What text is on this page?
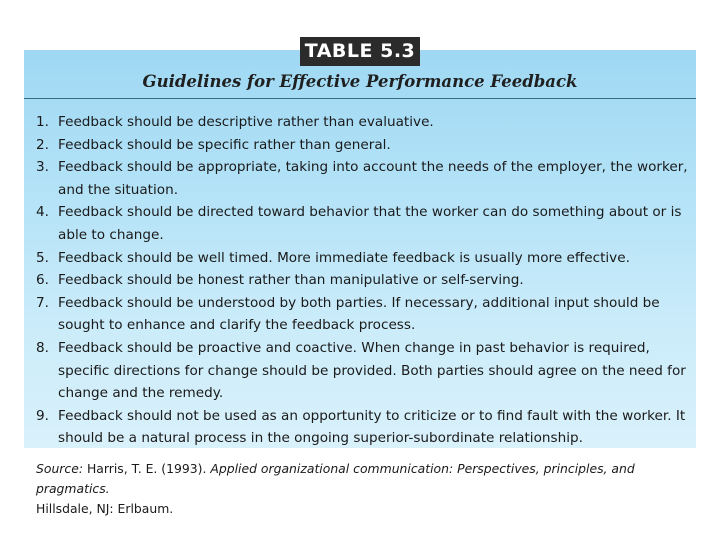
TABLE 5.3
Guidelines for Effective Performance Feedback
1. Feedback should be descriptive rather than evaluative.
2. Feedback should be specific rather than general.
3. Feedback should be appropriate, taking into account the needs of the employer, the worker, and the situation.
4. Feedback should be directed toward behavior that the worker can do something about or is able to change.
5. Feedback should be well timed. More immediate feedback is usually more effective.
6. Feedback should be honest rather than manipulative or self-serving.
7. Feedback should be understood by both parties. If necessary, additional input should be sought to enhance and clarify the feedback process.
8. Feedback should be proactive and coactive. When change in past behavior is required, specific directions for change should be provided. Both parties should agree on the need for change and the remedy.
9. Feedback should not be used as an opportunity to criticize or to find fault with the worker. It should be a natural process in the ongoing superior-subordinate relationship.
Source: Harris, T. E. (1993). Applied organizational communication: Perspectives, principles, and pragmatics.
Hillsdale, NJ: Erlbaum.
